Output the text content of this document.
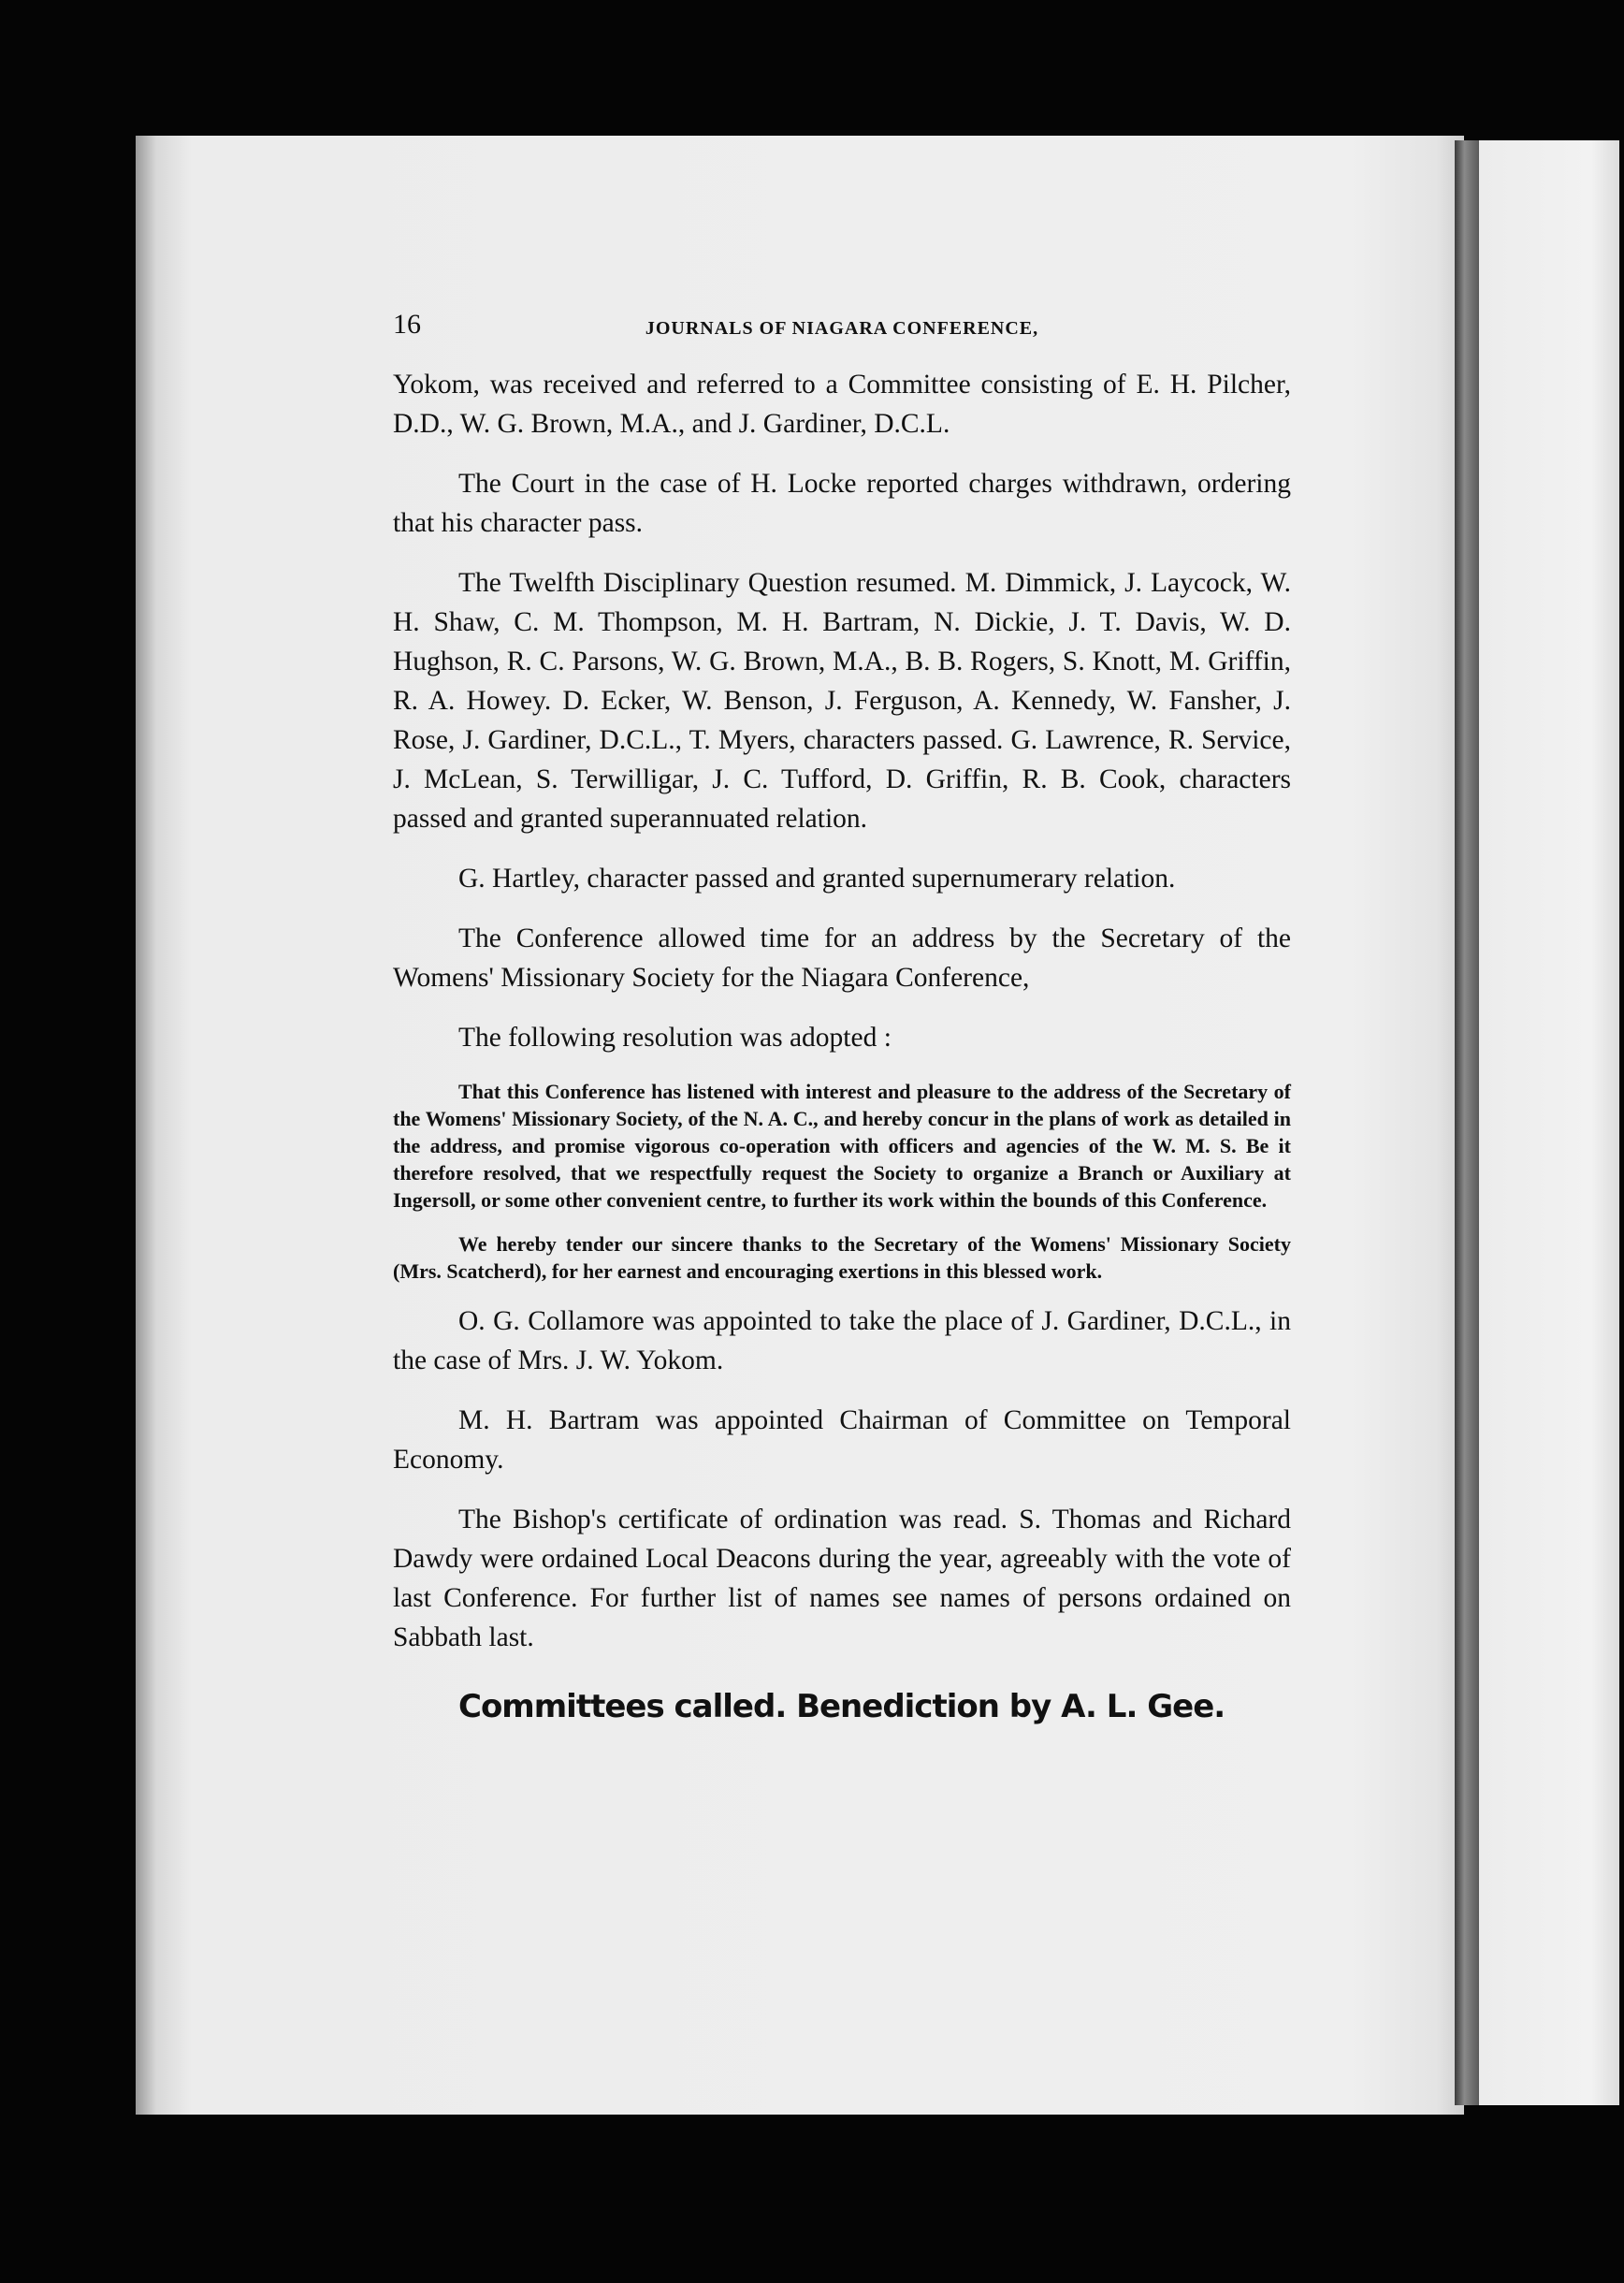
16	JOURNALS OF NIAGARA CONFERENCE,

Yokom, was received and referred to a Committee consisting of E. H. Pilcher, D.D., W. G. Brown, M.A., and J. Gardiner, D.C.L.

The Court in the case of H. Locke reported charges withdrawn, ordering that his character pass.

The Twelfth Disciplinary Question resumed. M. Dimmick, J. Laycock, W. H. Shaw, C. M. Thompson, M. H. Bartram, N. Dickie, J. T. Davis, W. D. Hughson, R. C. Parsons, W. G. Brown, M.A., B. B. Rogers, S. Knott, M. Griffin, R. A. Howey. D. Ecker, W. Benson, J. Ferguson, A. Kennedy, W. Fansher, J. Rose, J. Gardiner, D.C.L., T. Myers, characters passed. G. Lawrence, R. Service, J. McLean, S. Terwilligar, J. C. Tufford, D. Griffin, R. B. Cook, characters passed and granted superannuated relation.

G. Hartley, character passed and granted supernumerary relation.

The Conference allowed time for an address by the Secretary of the Womens' Missionary Society for the Niagara Conference,

The following resolution was adopted :

That this Conference has listened with interest and pleasure to the address of the Secretary of the Womens' Missionary Society, of the N. A. C., and hereby concur in the plans of work as detailed in the address, and promise vigorous co-operation with officers and agencies of the W. M. S. Be it therefore resolved, that we respectfully request the Society to organize a Branch or Auxiliary at Ingersoll, or some other convenient centre, to further its work within the bounds of this Conference.

We hereby tender our sincere thanks to the Secretary of the Womens' Missionary Society (Mrs. Scatcherd), for her earnest and encouraging exertions in this blessed work.

O. G. Collamore was appointed to take the place of J. Gardiner, D.C.L., in the case of Mrs. J. W. Yokom.

M. H. Bartram was appointed Chairman of Committee on Temporal Economy.

The Bishop's certificate of ordination was read. S. Thomas and Richard Dawdy were ordained Local Deacons during the year, agreeably with the vote of last Conference. For further list of names see names of persons ordained on Sabbath last.

Committees called. Benediction by A. L. Gee.
